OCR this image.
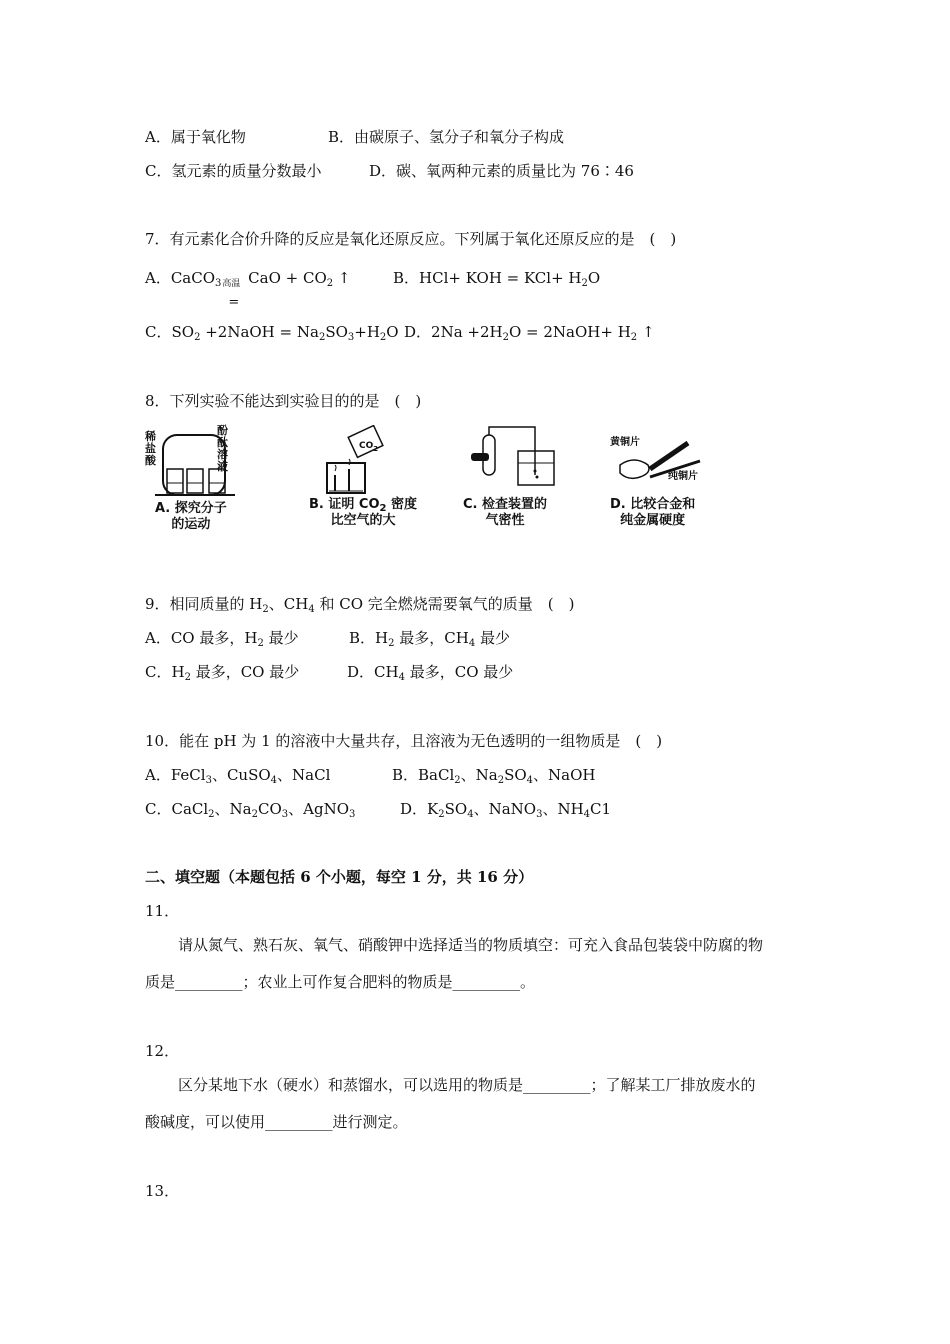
A．属于氧化物	B．由碳原子、氢分子和氧分子构成
C．氢元素的质量分数最小	D．碳、氧两种元素的质量比为 76∶46
7．有元素化合价升降的反应是氧化还原反应。下列属于氧化还原反应的是　(　)
A．CaCO$_3$ 高温
=
CaO + $CO_2$ ↑	B．HCl+ KOH = $KCl+ H_2O$
C．$SO_2$ +2NaOH = $Na_2SO_3+H_2O$ D．$2Na +2H_2O$ = 2NaOH+ $H_2$ ↑
8．下列实验不能达到实验目的的是　(　)
稀
盐
酸
酚
酞
溶
液
A. 探究分子
的运动
$CO_2$
B. 证明 $CO_2$ 密度
比空气的大
C. 检查装置的
气密性
黄铜片
纯铜片
D. 比较合金和
纯金属硬度
9．相同质量的 $H_2$、$CH_4$ 和 CO 完全燃烧需要氧气的质量　(　)
A．CO 最多，$H_2$ 最少	B．$H_2$ 最多，$CH_4$ 最少
C．$H_2$ 最多，CO 最少	D．$CH_4$ 最多，CO 最少
10．能在 pH 为 1 的溶液中大量共存，且溶液为无色透明的一组物质是　(　)
A．FeCl$_3$、CuSO$_4$、NaCl	B．BaCl$_2$、$Na_2SO_4$、NaOH
C．CaCl$_2$、$Na_2CO_3$、AgNO$_3$	D．$K_2SO_4$、NaNO$_3$、$NH_4C1$
二、填空题（本题包括 6 个小题，每空 1 分，共 16 分）
11．
请从氮气、熟石灰、氧气、硝酸钾中选择适当的物质填空：可充入食品包装袋中防腐的物
质是_________；农业上可作复合肥料的物质是_________。
12．
区分某地下水（硬水）和蒸馏水，可以选用的物质是_________；了解某工厂排放废水的
酸碱度，可以使用_________进行测定。
13．
